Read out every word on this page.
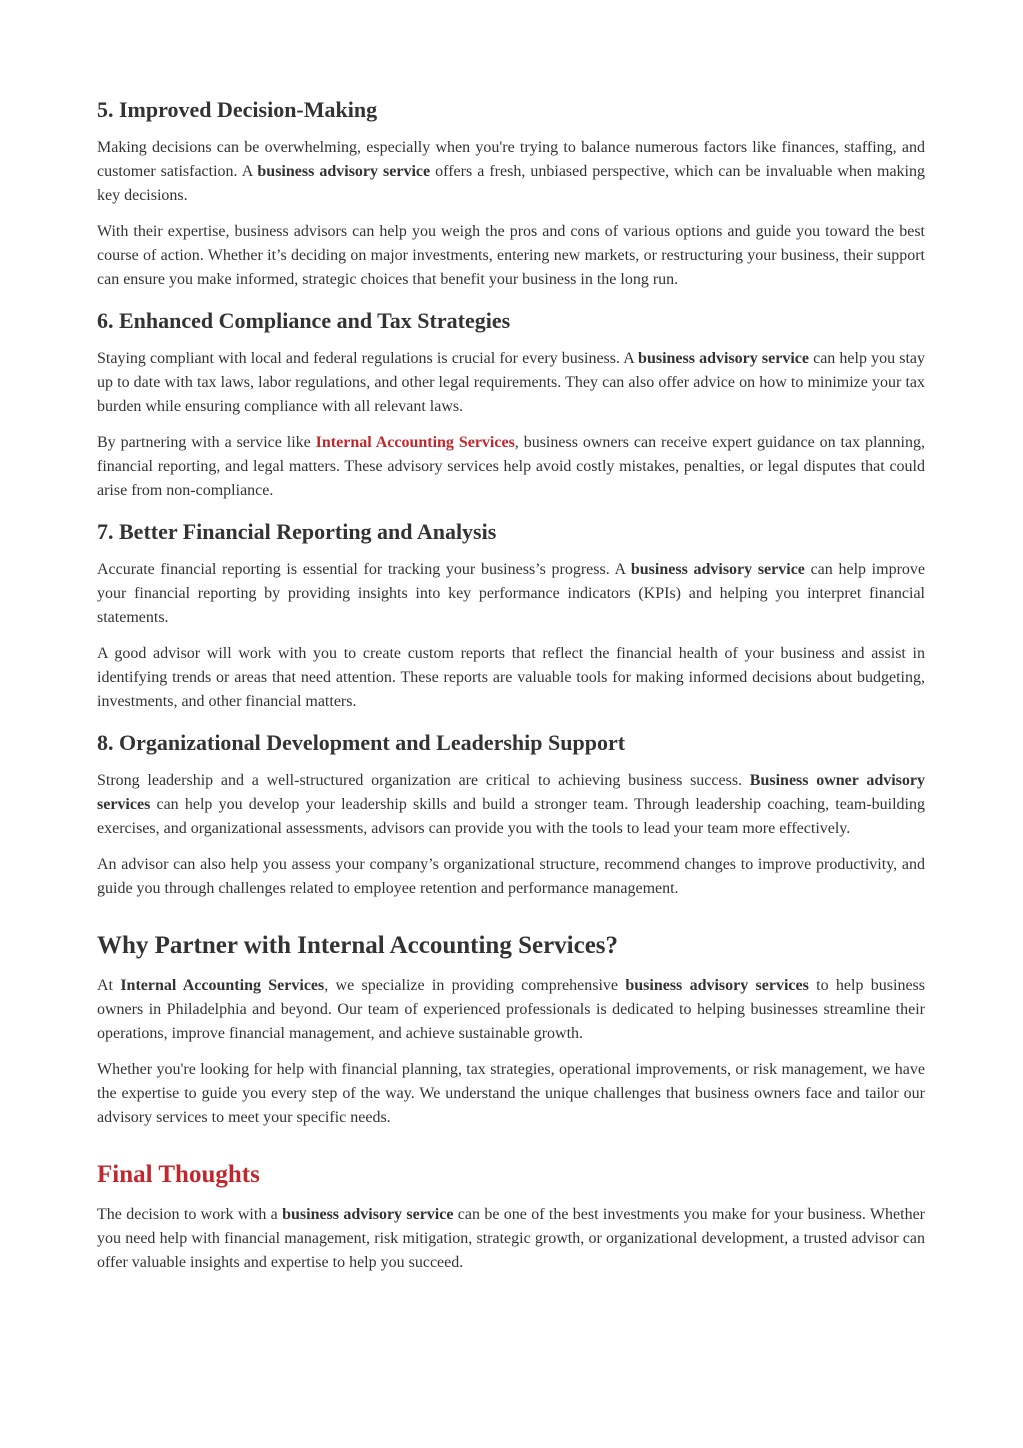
5. Improved Decision-Making

Making decisions can be overwhelming, especially when you're trying to balance numerous factors like finances, staffing, and customer satisfaction. A business advisory service offers a fresh, unbiased perspective, which can be invaluable when making key decisions.

With their expertise, business advisors can help you weigh the pros and cons of various options and guide you toward the best course of action. Whether it’s deciding on major investments, entering new markets, or restructuring your business, their support can ensure you make informed, strategic choices that benefit your business in the long run.

6. Enhanced Compliance and Tax Strategies

Staying compliant with local and federal regulations is crucial for every business. A business advisory service can help you stay up to date with tax laws, labor regulations, and other legal requirements. They can also offer advice on how to minimize your tax burden while ensuring compliance with all relevant laws.

By partnering with a service like Internal Accounting Services, business owners can receive expert guidance on tax planning, financial reporting, and legal matters. These advisory services help avoid costly mistakes, penalties, or legal disputes that could arise from non-compliance.

7. Better Financial Reporting and Analysis

Accurate financial reporting is essential for tracking your business’s progress. A business advisory service can help improve your financial reporting by providing insights into key performance indicators (KPIs) and helping you interpret financial statements.

A good advisor will work with you to create custom reports that reflect the financial health of your business and assist in identifying trends or areas that need attention. These reports are valuable tools for making informed decisions about budgeting, investments, and other financial matters.

8. Organizational Development and Leadership Support

Strong leadership and a well-structured organization are critical to achieving business success. Business owner advisory services can help you develop your leadership skills and build a stronger team. Through leadership coaching, team-building exercises, and organizational assessments, advisors can provide you with the tools to lead your team more effectively.

An advisor can also help you assess your company’s organizational structure, recommend changes to improve productivity, and guide you through challenges related to employee retention and performance management.

Why Partner with Internal Accounting Services?

At Internal Accounting Services, we specialize in providing comprehensive business advisory services to help business owners in Philadelphia and beyond. Our team of experienced professionals is dedicated to helping businesses streamline their operations, improve financial management, and achieve sustainable growth.

Whether you're looking for help with financial planning, tax strategies, operational improvements, or risk management, we have the expertise to guide you every step of the way. We understand the unique challenges that business owners face and tailor our advisory services to meet your specific needs.

Final Thoughts

The decision to work with a business advisory service can be one of the best investments you make for your business. Whether you need help with financial management, risk mitigation, strategic growth, or organizational development, a trusted advisor can offer valuable insights and expertise to help you succeed.
